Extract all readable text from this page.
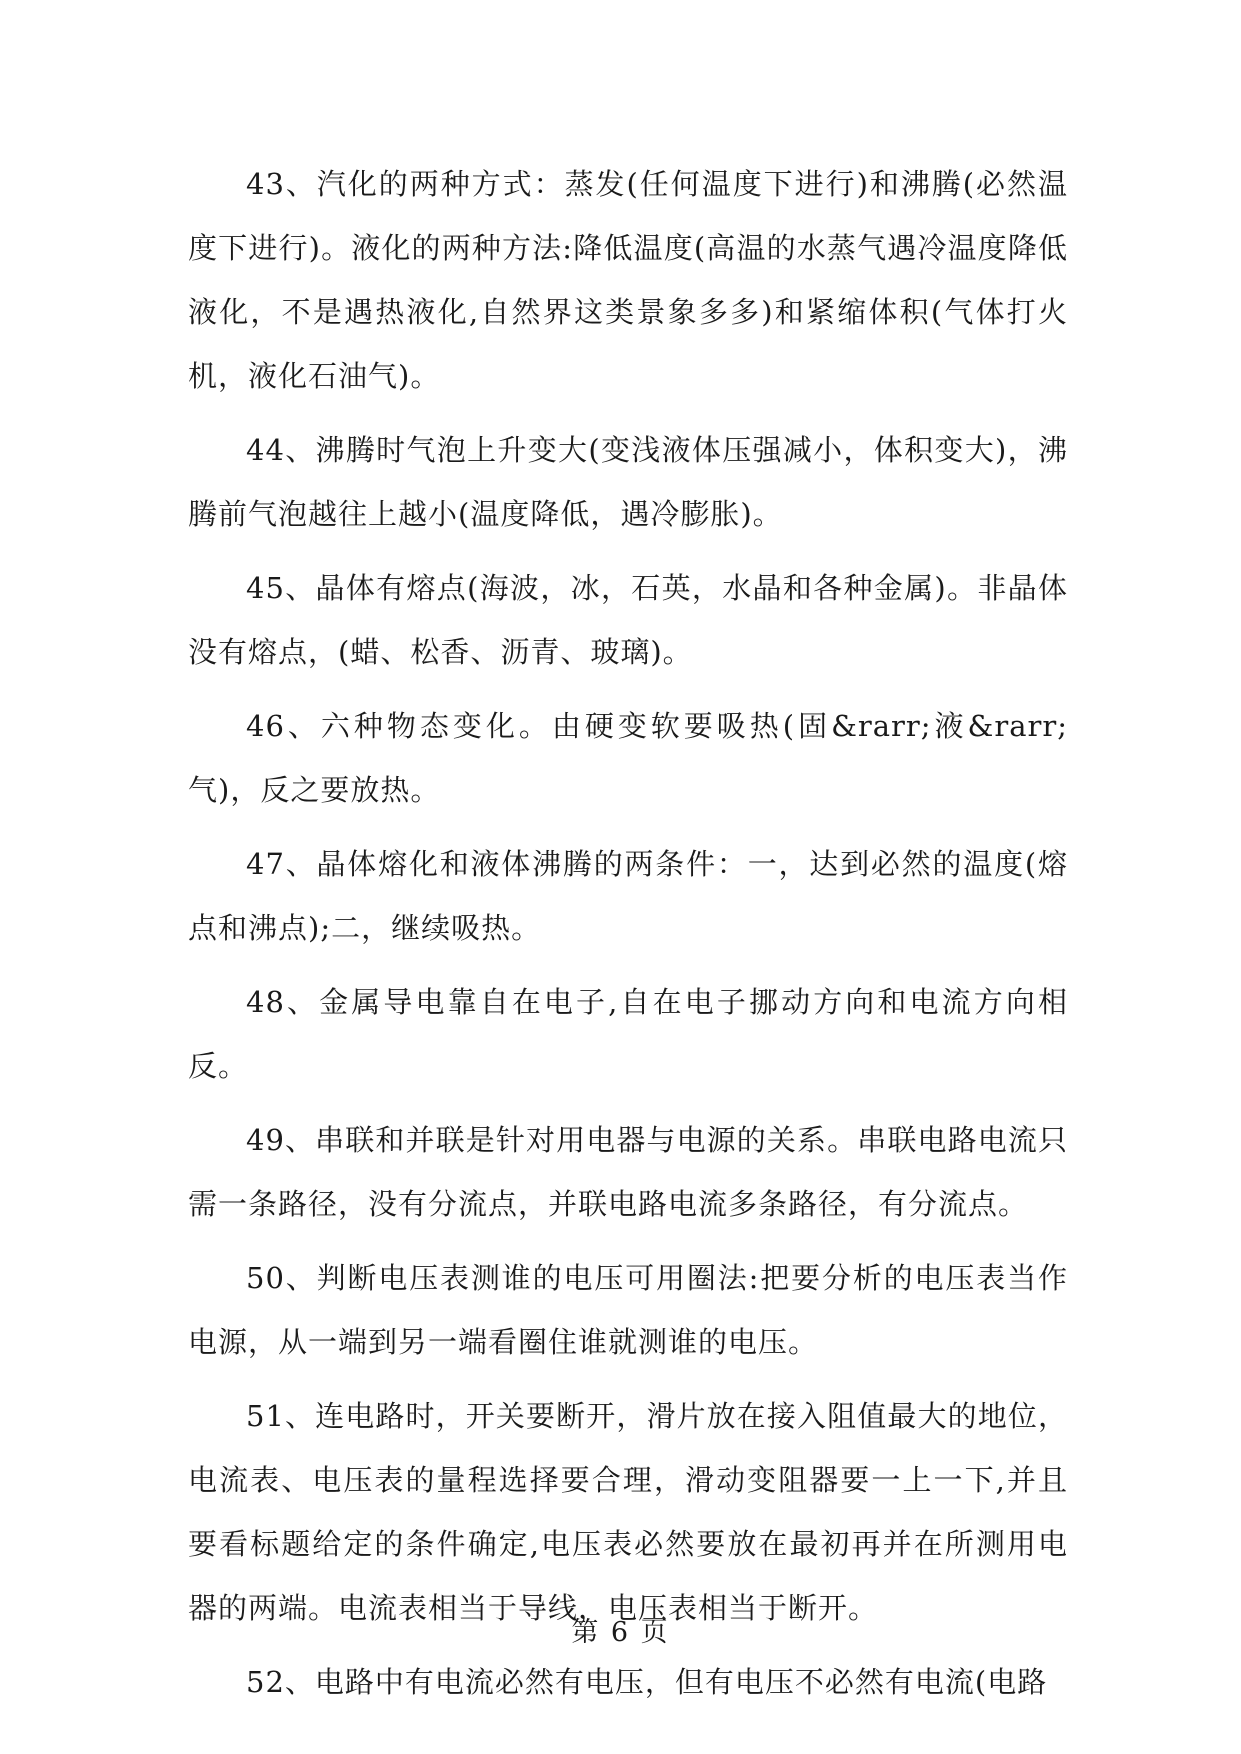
43、汽化的两种方式：蒸发(任何温度下进行)和沸腾(必然温度下进行)。液化的两种方法:降低温度(高温的水蒸气遇冷温度降低液化，不是遇热液化,自然界这类景象多多)和紧缩体积(气体打火机，液化石油气)。

44、沸腾时气泡上升变大(变浅液体压强减小，体积变大)，沸腾前气泡越往上越小(温度降低，遇冷膨胀)。

45、晶体有熔点(海波，冰，石英，水晶和各种金属)。非晶体没有熔点，(蜡、松香、沥青、玻璃)。

46、六种物态变化。由硬变软要吸热(固&rarr;液&rarr;气)，反之要放热。

47、晶体熔化和液体沸腾的两条件：一，达到必然的温度(熔点和沸点);二，继续吸热。

48、金属导电靠自在电子,自在电子挪动方向和电流方向相反。

49、串联和并联是针对用电器与电源的关系。串联电路电流只需一条路径，没有分流点，并联电路电流多条路径，有分流点。

50、判断电压表测谁的电压可用圈法:把要分析的电压表当作电源，从一端到另一端看圈住谁就测谁的电压。

51、连电路时，开关要断开，滑片放在接入阻值最大的地位，电流表、电压表的量程选择要合理，滑动变阻器要一上一下,并且要看标题给定的条件确定,电压表必然要放在最初再并在所测用电器的两端。电流表相当于导线，电压表相当于断开。

52、电路中有电流必然有电压，但有电压不必然有电流(电路

第 6 页
